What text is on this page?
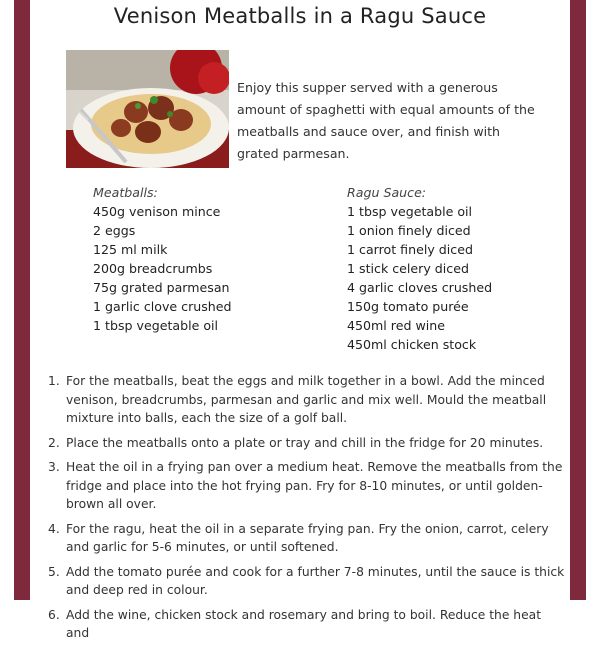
Venison Meatballs in a Ragu Sauce
Enjoy this supper served with a generous amount of spaghetti with equal amounts of the meatballs and sauce over, and finish with grated parmesan.
Meatballs:
450g venison mince
2 eggs
125 ml milk
200g breadcrumbs
75g grated parmesan
1 garlic clove crushed
1 tbsp vegetable oil
Ragu Sauce:
1 tbsp vegetable oil
1 onion finely diced
1 carrot finely diced
1 stick celery diced
4 garlic cloves crushed
150g tomato purée
450ml red wine
450ml chicken stock
1. For the meatballs, beat the eggs and milk together in a bowl. Add the minced venison, breadcrumbs, parmesan and garlic and mix well. Mould the meatball mixture into balls, each the size of a golf ball.
2. Place the meatballs onto a plate or tray and chill in the fridge for 20 minutes.
3. Heat the oil in a frying pan over a medium heat. Remove the meatballs from the fridge and place into the hot frying pan. Fry for 8-10 minutes, or until golden-brown all over.
4. For the ragu, heat the oil in a separate frying pan. Fry the onion, carrot, celery and garlic for 5-6 minutes, or until softened.
5. Add the tomato purée and cook for a further 7-8 minutes, until the sauce is thick and deep red in colour.
6. Add the wine, chicken stock and rosemary and bring to boil. Reduce the heat and
